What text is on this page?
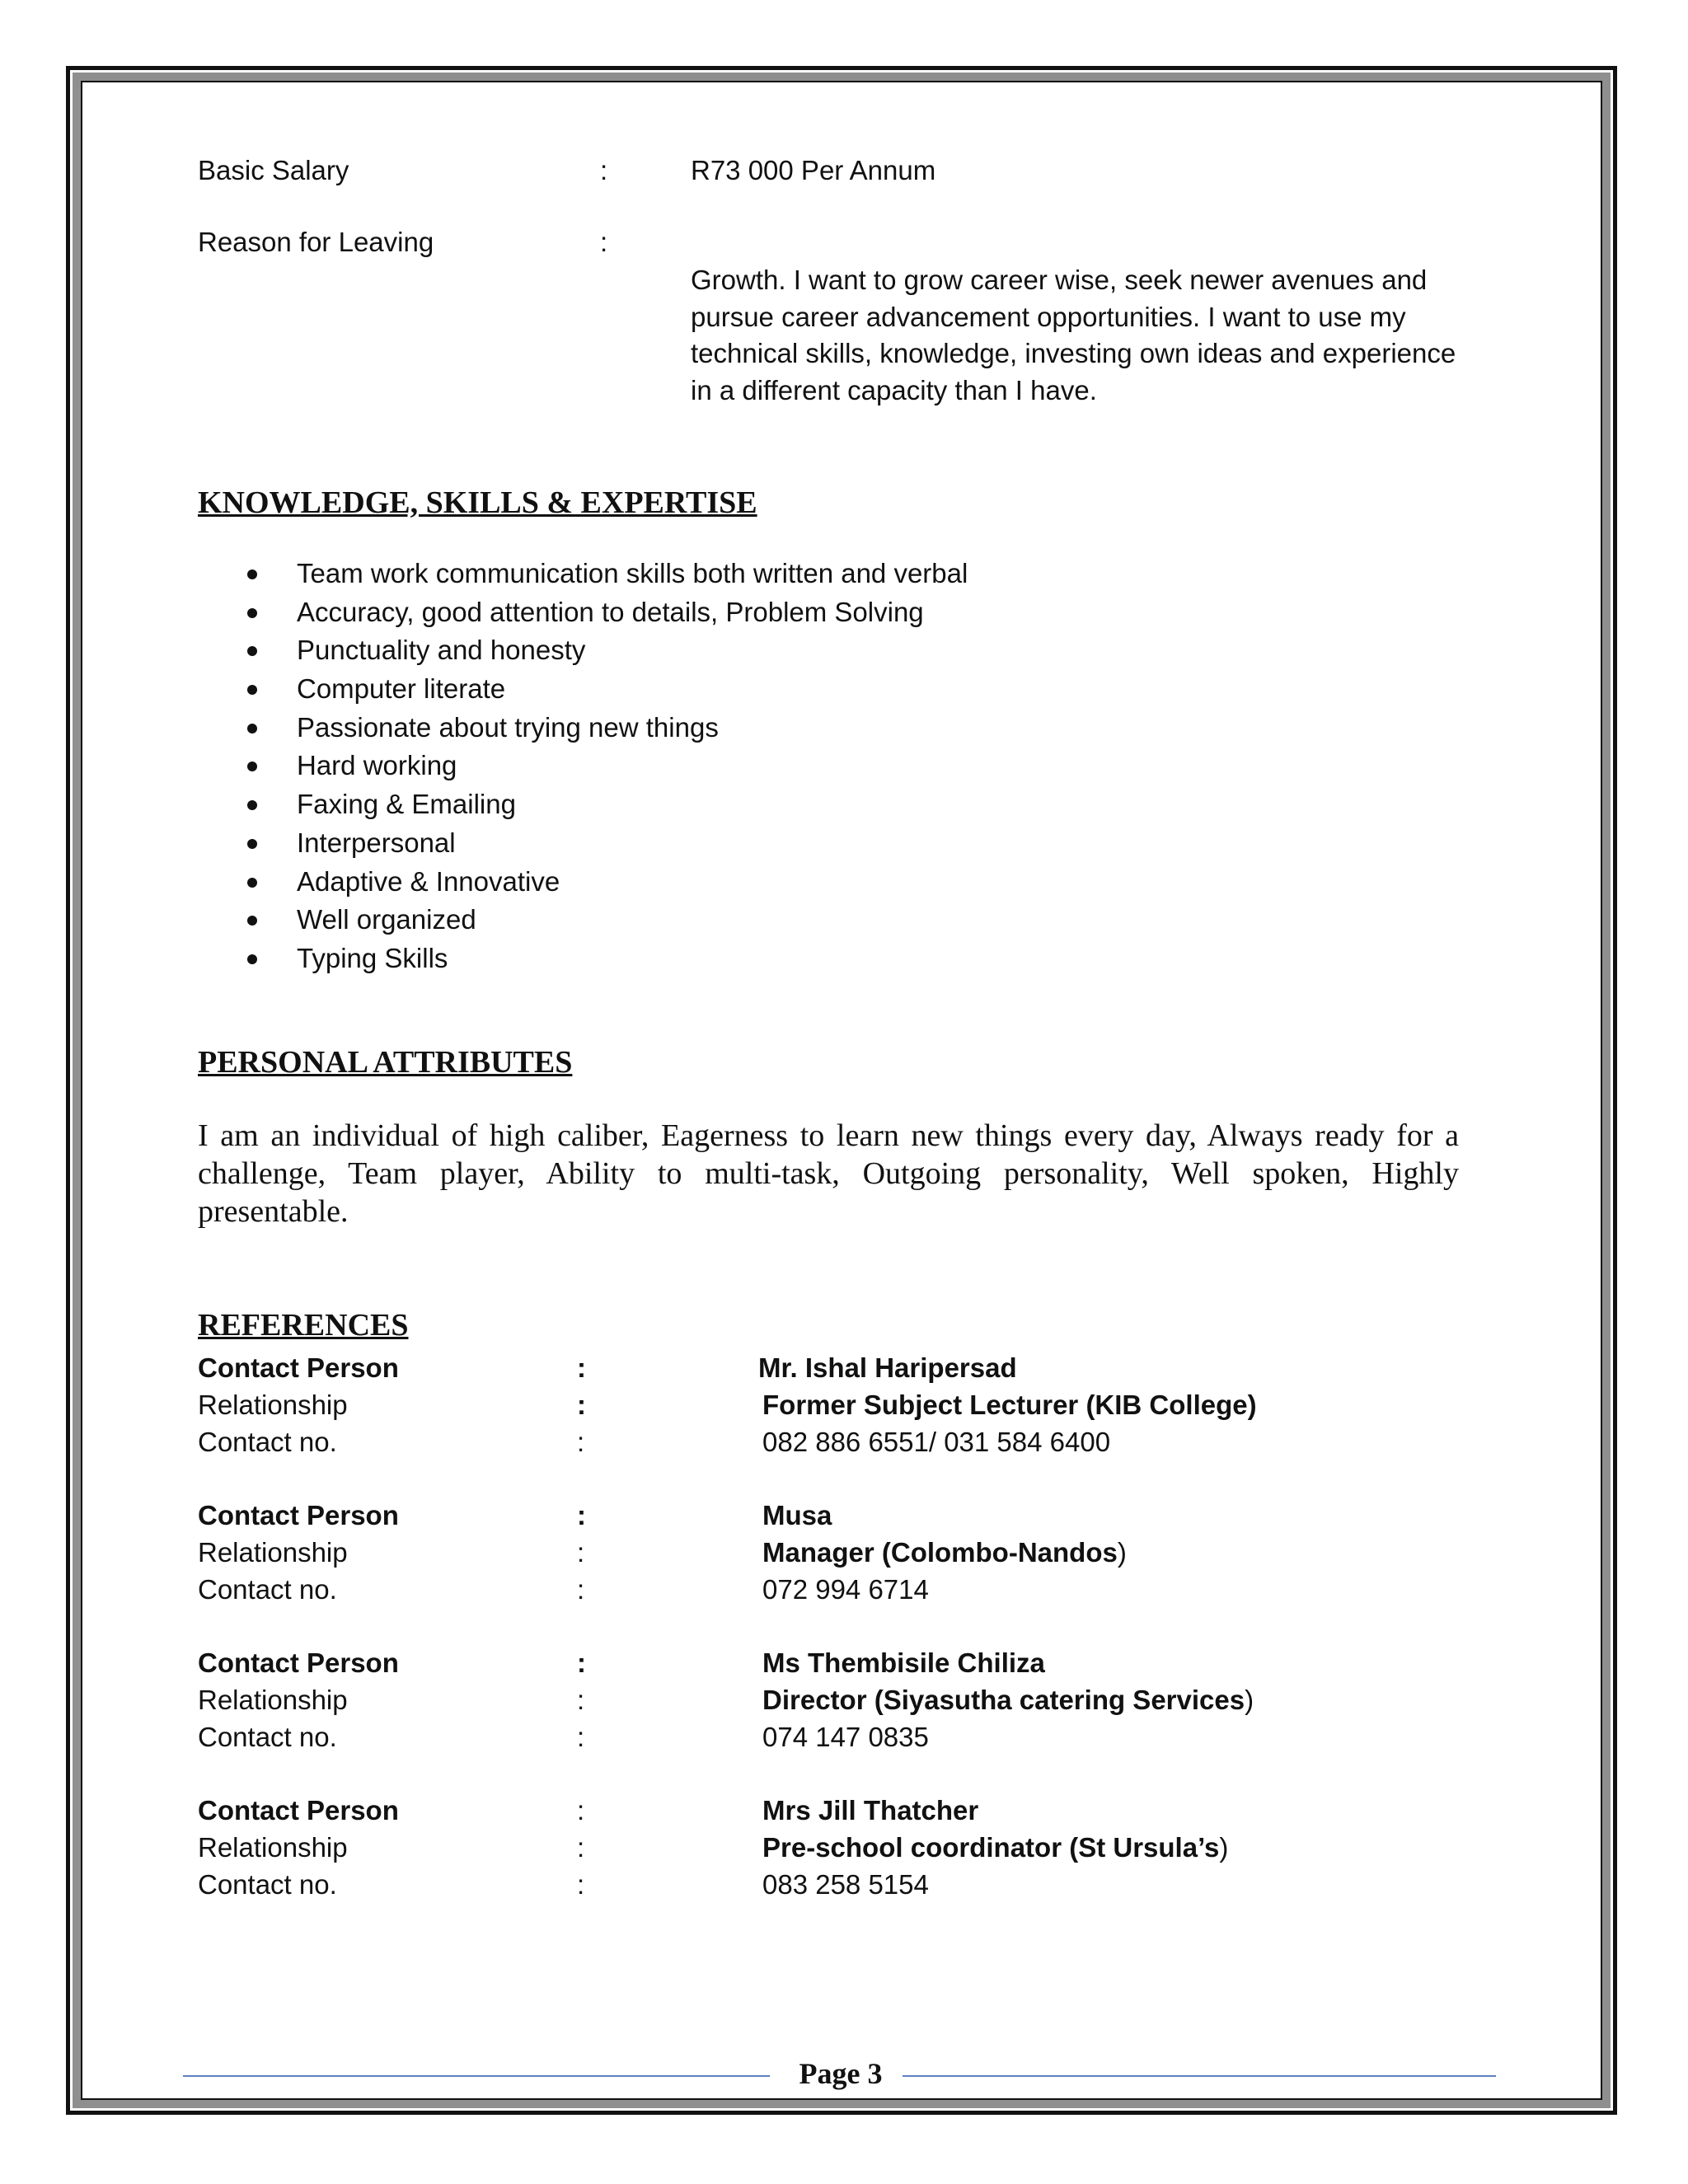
Basic Salary	:	R73 000 Per Annum
Reason for Leaving	:
Growth. I want to grow career wise, seek newer avenues and pursue career advancement opportunities. I want to use my technical skills, knowledge, investing own ideas and experience in a different capacity than I have.
KNOWLEDGE, SKILLS & EXPERTISE
Team work communication skills both written and verbal
Accuracy, good attention to details, Problem Solving
Punctuality and honesty
Computer literate
Passionate about trying new things
Hard working
Faxing & Emailing
Interpersonal
Adaptive & Innovative
Well organized
Typing Skills
PERSONAL ATTRIBUTES
I am an individual of high caliber, Eagerness to learn new things every day, Always ready for a challenge, Team player, Ability to multi-task, Outgoing personality, Well spoken, Highly presentable.
REFERENCES
Contact Person	:	Mr. Ishal Haripersad
Relationship	:	Former Subject Lecturer (KIB College)
Contact no.	:	082 886 6551/ 031 584 6400
Contact Person	:	Musa
Relationship	:	Manager (Colombo-Nandos)
Contact no.	:	072 994 6714
Contact Person	:	Ms Thembisile Chiliza
Relationship	:	Director (Siyasutha catering Services)
Contact no.	:	074 147 0835
Contact Person	:	Mrs Jill Thatcher
Relationship	:	Pre-school coordinator (St Ursula’s)
Contact no.	:	083 258 5154
Page 3
